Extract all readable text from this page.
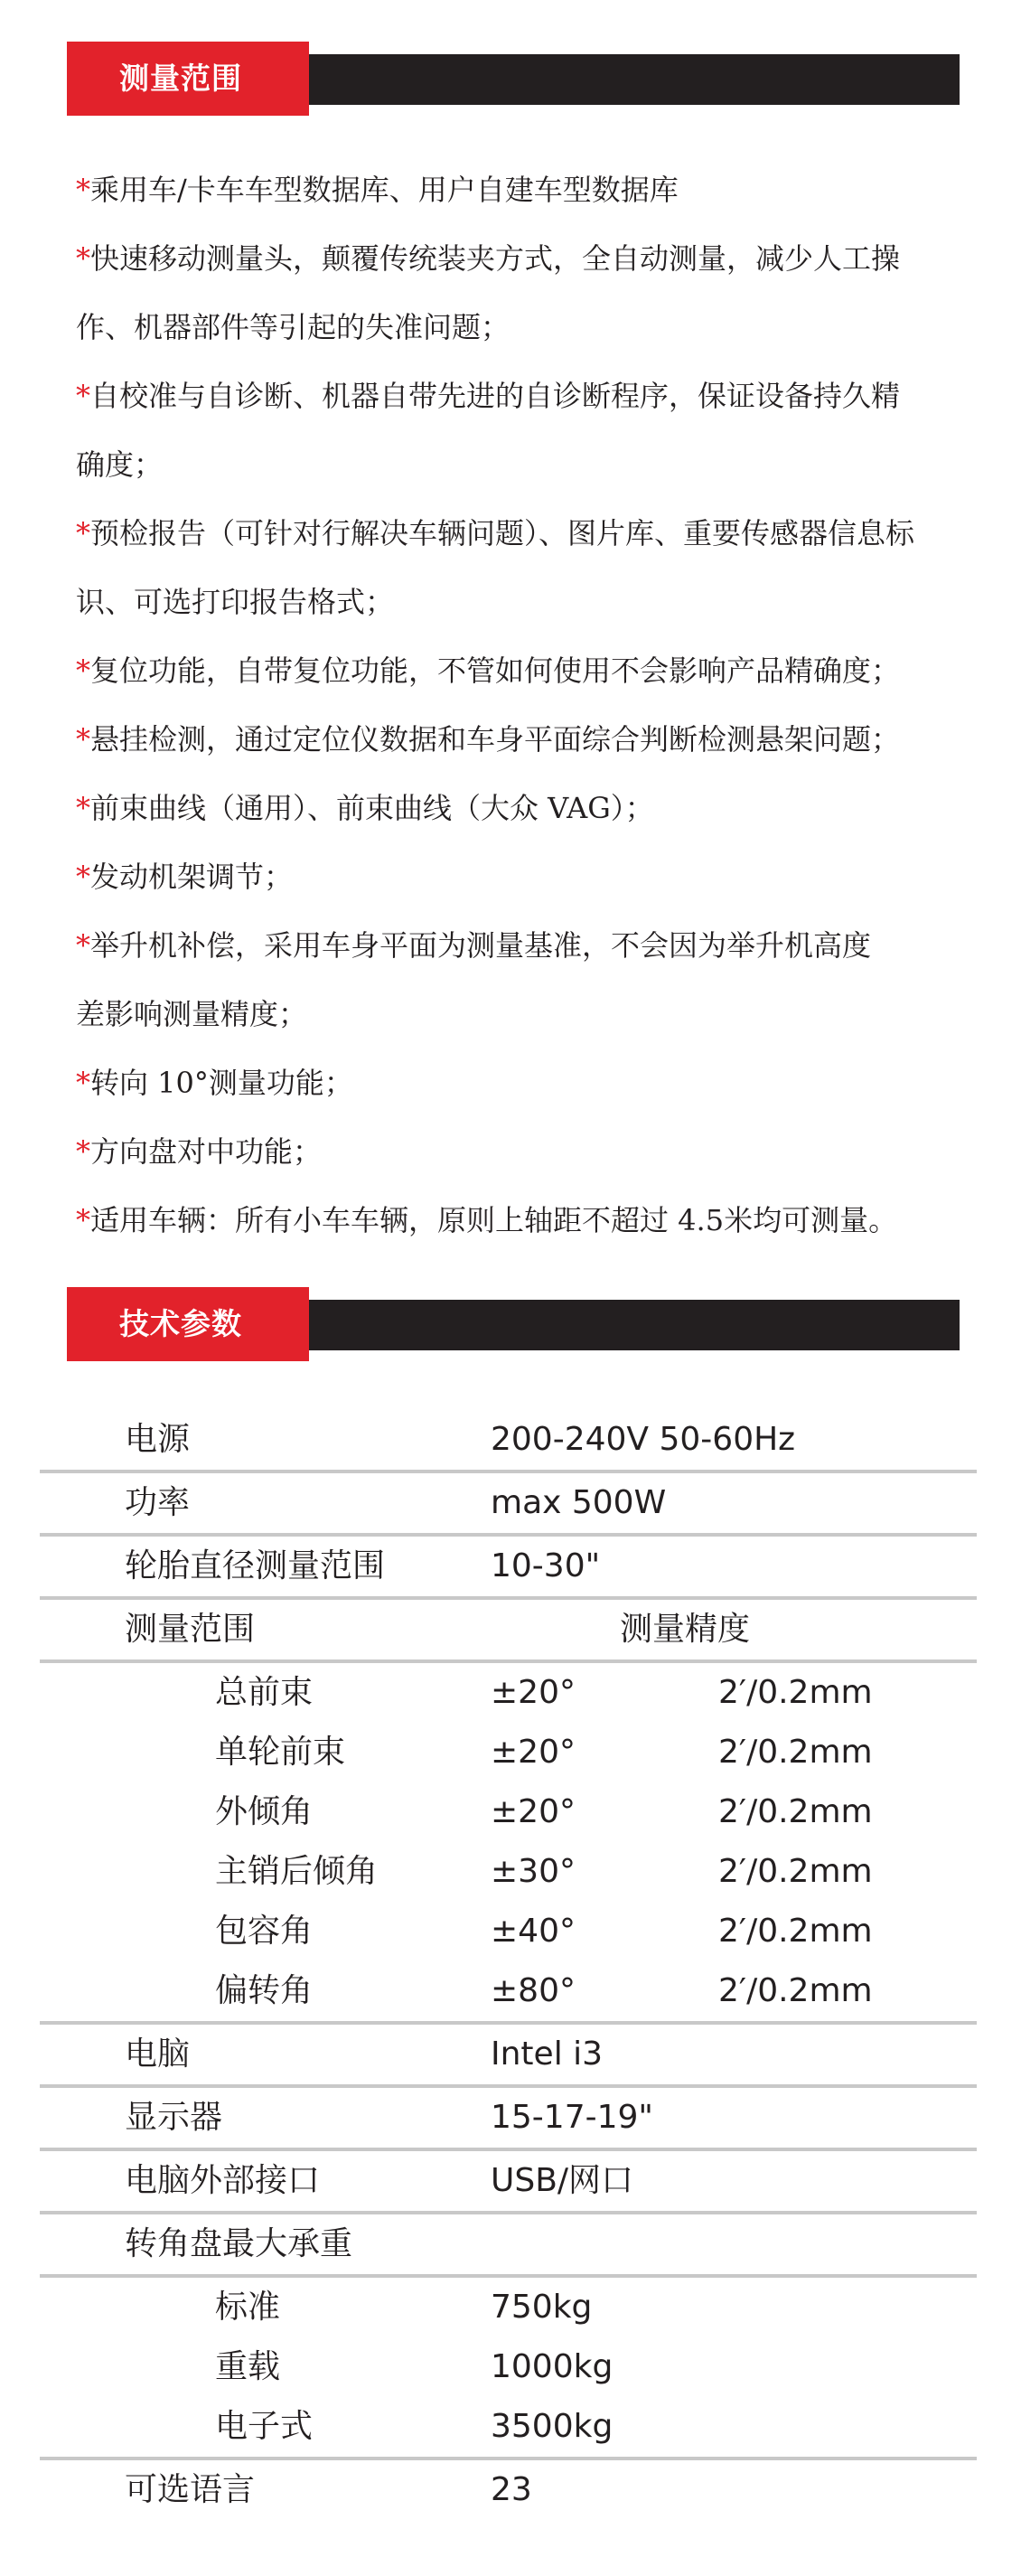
测量范围
*乘用车/卡车车型数据库、用户自建车型数据库
*快速移动测量头，颠覆传统装夹方式，全自动测量，减少人工操
作、机器部件等引起的失准问题；
*自校准与自诊断、机器自带先进的自诊断程序，保证设备持久精
确度；
*预检报告（可针对行解决车辆问题）、图片库、重要传感器信息标
识、可选打印报告格式；
*复位功能，自带复位功能，不管如何使用不会影响产品精确度；
*悬挂检测，通过定位仪数据和车身平面综合判断检测悬架问题；
*前束曲线（通用）、前束曲线（大众 VAG）；
*发动机架调节；
*举升机补偿，采用车身平面为测量基准，不会因为举升机高度
差影响测量精度；
*转向 10°测量功能；
*方向盘对中功能；
*适用车辆：所有小车车辆，原则上轴距不超过 4.5米均可测量。
技术参数
电源	200-240V 50-60Hz
功率	max 500W
轮胎直径测量范围	10-30"
测量范围	测量精度
总前束	±20°	2′/0.2mm
单轮前束	±20°	2′/0.2mm
外倾角	±20°	2′/0.2mm
主销后倾角	±30°	2′/0.2mm
包容角	±40°	2′/0.2mm
偏转角	±80°	2′/0.2mm
电脑	Intel i3
显示器	15-17-19"
电脑外部接口	USB/网口
转角盘最大承重
标准	750kg
重载	1000kg
电子式	3500kg
可选语言	23
